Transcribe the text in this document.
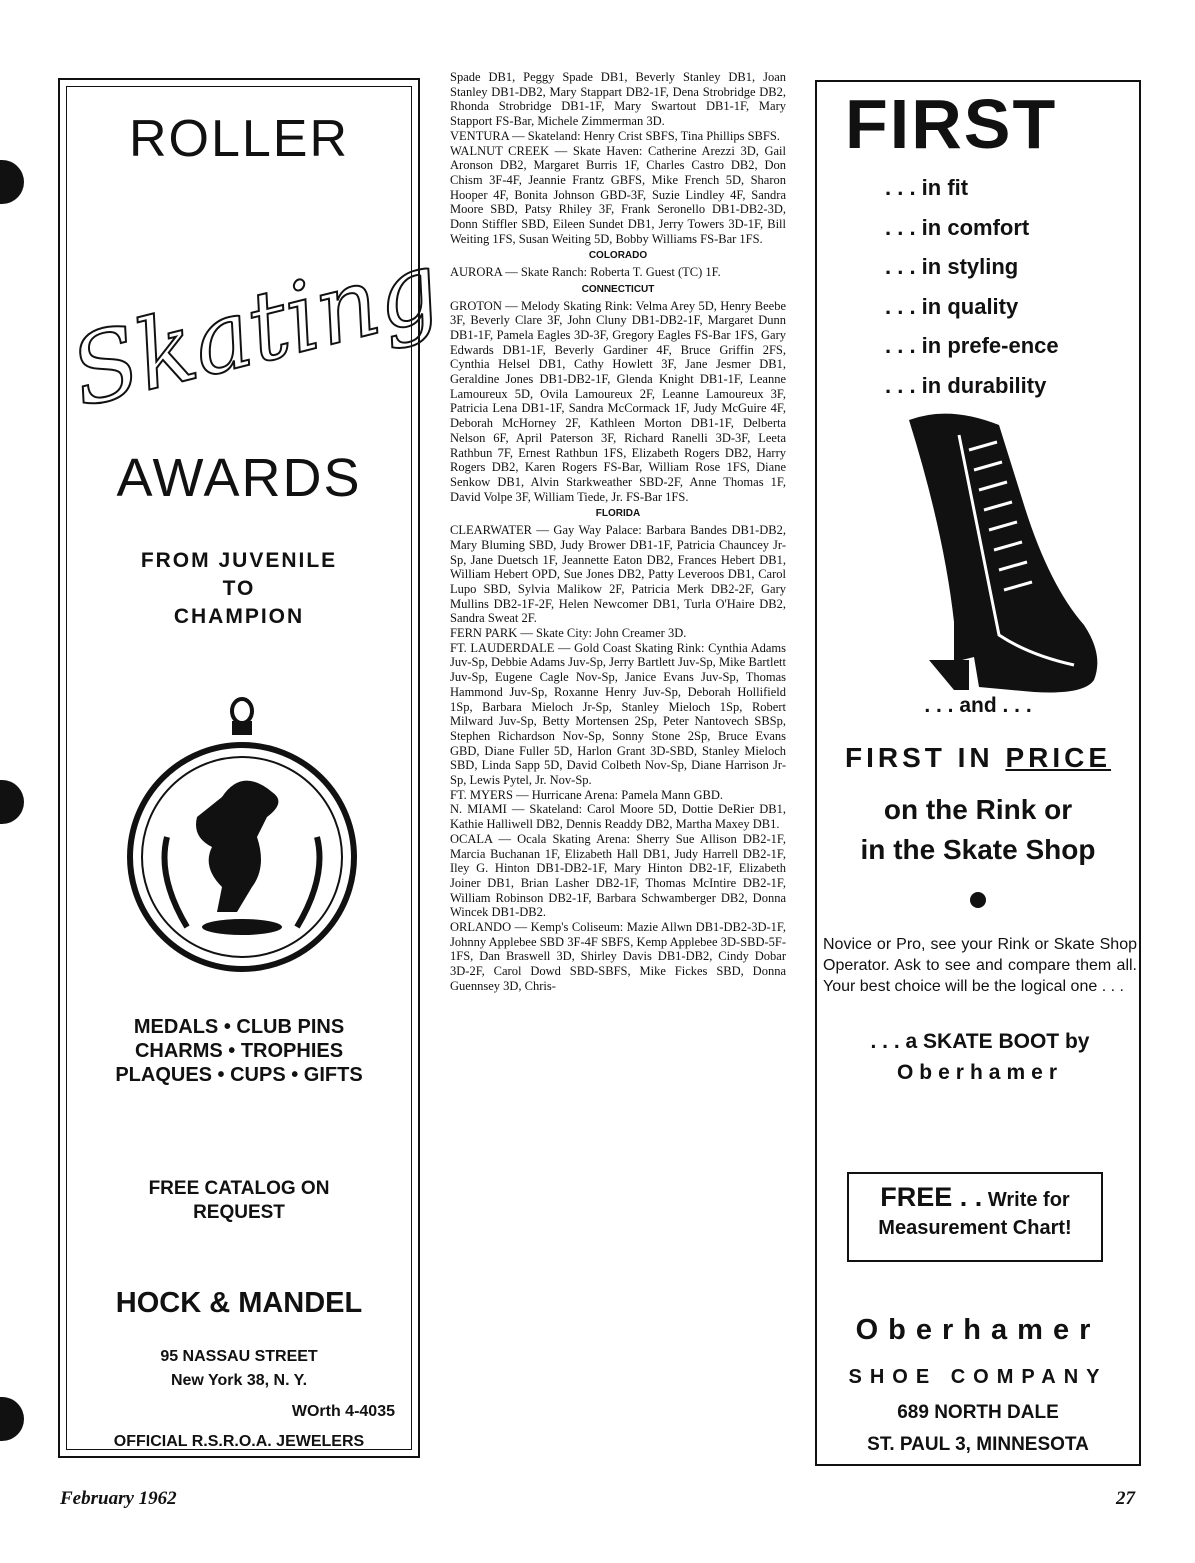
ROLLER
Skating
AWARDS
FROM JUVENILE
TO
CHAMPION
MEDALS • CLUB PINS
CHARMS • TROPHIES
PLAQUES • CUPS • GIFTS
FREE CATALOG ON
REQUEST
HOCK & MANDEL
95 NASSAU STREET
New York 38, N. Y.
WOrth 4-4035
OFFICIAL R.S.R.O.A. JEWELERS

Spade DB1, Peggy Spade DB1, Beverly Stanley DB1, Joan Stanley DB1-DB2, Mary Stappart DB2-1F, Dena Strobridge DB2, Rhonda Strobridge DB1-1F, Mary Swartout DB1-1F, Mary Stapport FS-Bar, Michele Zimmerman 3D.

VENTURA — Skateland: Henry Crist SBFS, Tina Phillips SBFS.

WALNUT CREEK — Skate Haven: Catherine Arezzi 3D, Gail Aronson DB2, Margaret Burris 1F, Charles Castro DB2, Don Chism 3F-4F, Jeannie Frantz GBFS, Mike French 5D, Sharon Hooper 4F, Bonita Johnson GBD-3F, Suzie Lindley 4F, Sandra Moore SBD, Patsy Rhiley 3F, Frank Seronello DB1-DB2-3D, Donn Stiffler SBD, Eileen Sundet DB1, Jerry Towers 3D-1F, Bill Weiting 1FS, Susan Weiting 5D, Bobby Williams FS-Bar 1FS.

COLORADO

AURORA — Skate Ranch: Roberta T. Guest (TC) 1F.

CONNECTICUT

GROTON — Melody Skating Rink: Velma Arey 5D, Henry Beebe 3F, Beverly Clare 3F, John Cluny DB1-DB2-1F, Margaret Dunn DB1-1F, Pamela Eagles 3D-3F, Gregory Eagles FS-Bar 1FS, Gary Edwards DB1-1F, Beverly Gardiner 4F, Bruce Griffin 2FS, Cynthia Helsel DB1, Cathy Howlett 3F, Jane Jesmer DB1, Geraldine Jones DB1-DB2-1F, Glenda Knight DB1-1F, Leanne Lamoureux 5D, Ovila Lamoureux 2F, Leanne Lamoureux 3F, Patricia Lena DB1-1F, Sandra McCormack 1F, Judy McGuire 4F, Deborah McHorney 2F, Kathleen Morton DB1-1F, Delberta Nelson 6F, April Paterson 3F, Richard Ranelli 3D-3F, Leeta Rathbun 7F, Ernest Rathbun 1FS, Elizabeth Rogers DB2, Harry Rogers DB2, Karen Rogers FS-Bar, William Rose 1FS, Diane Senkow DB1, Alvin Starkweather SBD-2F, Anne Thomas 1F, David Volpe 3F, William Tiede, Jr. FS-Bar 1FS.

FLORIDA

CLEARWATER — Gay Way Palace: Barbara Bandes DB1-DB2, Mary Bluming SBD, Judy Brower DB1-1F, Patricia Chauncey Jr-Sp, Jane Duetsch 1F, Jeannette Eaton DB2, Frances Hebert DB1, William Hebert OPD, Sue Jones DB2, Patty Leveroos DB1, Carol Lupo SBD, Sylvia Malikow 2F, Patricia Merk DB2-2F, Gary Mullins DB2-1F-2F, Helen Newcomer DB1, Turla O'Haire DB2, Sandra Sweat 2F.

FERN PARK — Skate City: John Creamer 3D.

FT. LAUDERDALE — Gold Coast Skating Rink: Cynthia Adams Juv-Sp, Debbie Adams Juv-Sp, Jerry Bartlett Juv-Sp, Mike Bartlett Juv-Sp, Eugene Cagle Nov-Sp, Janice Evans Juv-Sp, Thomas Hammond Juv-Sp, Roxanne Henry Juv-Sp, Deborah Hollifield 1Sp, Barbara Mieloch Jr-Sp, Stanley Mieloch 1Sp, Robert Milward Juv-Sp, Betty Mortensen 2Sp, Peter Nantovech SBSp, Stephen Richardson Nov-Sp, Sonny Stone 2Sp, Bruce Evans GBD, Diane Fuller 5D, Harlon Grant 3D-SBD, Stanley Mieloch SBD, Linda Sapp 5D, David Colbeth Nov-Sp, Diane Harrison Jr-Sp, Lewis Pytel, Jr. Nov-Sp.

FT. MYERS — Hurricane Arena: Pamela Mann GBD.

N. MIAMI — Skateland: Carol Moore 5D, Dottie DeRier DB1, Kathie Halliwell DB2, Dennis Readdy DB2, Martha Maxey DB1.

OCALA — Ocala Skating Arena: Sherry Sue Allison DB2-1F, Marcia Buchanan 1F, Elizabeth Hall DB1, Judy Harrell DB2-1F, Iley G. Hinton DB1-DB2-1F, Mary Hinton DB2-1F, Elizabeth Joiner DB1, Brian Lasher DB2-1F, Thomas McIntire DB2-1F, William Robinson DB2-1F, Barbara Schwamberger DB2, Donna Wincek DB1-DB2.

ORLANDO — Kemp's Coliseum: Mazie Allwn DB1-DB2-3D-1F, Johnny Applebee SBD 3F-4F SBFS, Kemp Applebee 3D-SBD-5F-1FS, Dan Braswell 3D, Shirley Davis DB1-DB2, Cindy Dobar 3D-2F, Carol Dowd SBD-SBFS, Mike Fickes SBD, Donna Guennsey 3D, Chris-

FIRST
. . . in fit
. . . in comfort
. . . in styling
. . . in quality
. . . in prefe-ence
. . . in durability
. . . and . . .
FIRST IN PRICE
on the Rink or
in the Skate Shop
Novice or Pro, see your Rink or Skate Shop Operator. Ask to see and compare them all. Your best choice will be the logical one . . .
. . . a SKATE BOOT by
Oberhamer
FREE . . Write for
Measurement Chart!
Oberhamer
SHOE COMPANY
689 NORTH DALE
ST. PAUL 3, MINNESOTA
February 1962	27
